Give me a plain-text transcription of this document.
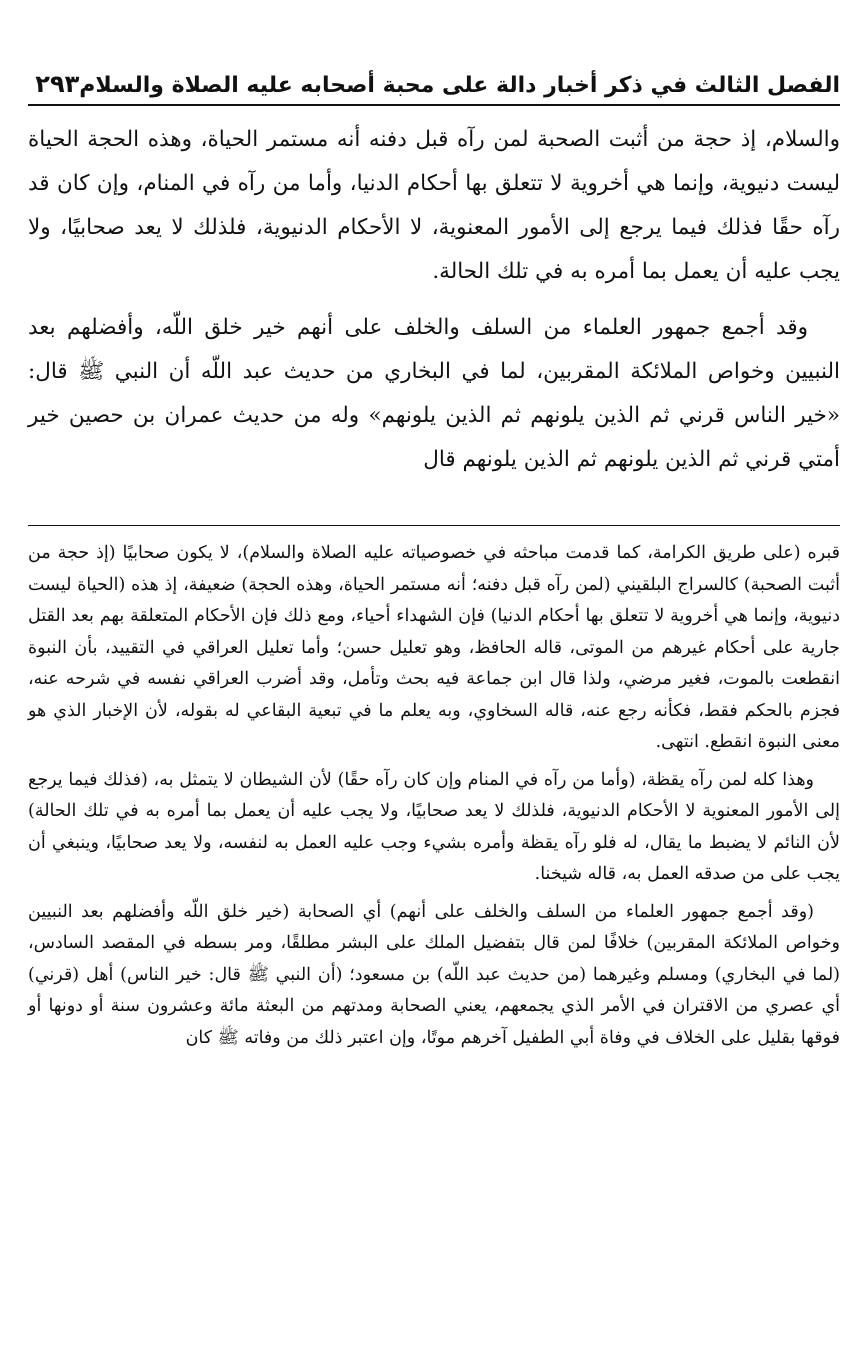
الفصل الثالث في ذكر أخبار دالة على محبة أصحابه عليه الصلاة والسلام
٢٩٣

والسلام، إذ حجة من أثبت الصحبة لمن رآه قبل دفنه أنه مستمر الحياة، وهذه الحجة الحياة ليست دنيوية، وإنما هي أخروية لا تتعلق بها أحكام الدنيا، وأما من رآه في المنام، وإن كان قد رآه حقًا فذلك فيما يرجع إلى الأمور المعنوية، لا الأحكام الدنيوية، فلذلك لا يعد صحابيًا، ولا يجب عليه أن يعمل بما أمره به في تلك الحالة.

وقد أجمع جمهور العلماء من السلف والخلف على أنهم خير خلق اللّه، وأفضلهم بعد النبيين وخواص الملائكة المقربين، لما في البخاري من حديث عبد اللّه أن النبي ﷺ قال: «خير الناس قرني ثم الذين يلونهم ثم الذين يلونهم» وله من حديث عمران بن حصين خير أمتي قرني ثم الذين يلونهم ثم الذين يلونهم قال

قبره (على طريق الكرامة، كما قدمت مباحثه في خصوصياته عليه الصلاة والسلام)، لا يكون صحابيًا (إذ حجة من أثبت الصحبة) كالسراج البلقيني (لمن رآه قبل دفنه؛ أنه مستمر الحياة، وهذه الحجة) ضعيفة، إذ هذه (الحياة ليست دنيوية، وإنما هي أخروية لا تتعلق بها أحكام الدنيا) فإن الشهداء أحياء، ومع ذلك فإن الأحكام المتعلقة بهم بعد القتل جارية على أحكام غيرهم من الموتى، قاله الحافظ، وهو تعليل حسن؛ وأما تعليل العراقي في التقييد، بأن النبوة انقطعت بالموت، فغير مرضي، ولذا قال ابن جماعة فيه بحث وتأمل، وقد أضرب العراقي نفسه في شرحه عنه، فجزم بالحكم فقط، فكأنه رجع عنه، قاله السخاوي، وبه يعلم ما في تبعية البقاعي له بقوله، لأن الإخبار الذي هو معنى النبوة انقطع. انتهى.

وهذا كله لمن رآه يقظة، (وأما من رآه في المنام وإن كان رآه حقًا) لأن الشيطان لا يتمثل به، (فذلك فيما يرجع إلى الأمور المعنوية لا الأحكام الدنيوية، فلذلك لا يعد صحابيًا، ولا يجب عليه أن يعمل بما أمره به في تلك الحالة) لأن النائم لا يضبط ما يقال، له فلو رآه يقظة وأمره بشيء وجب عليه العمل به لنفسه، ولا يعد صحابيًا، وينبغي أن يجب على من صدقه العمل به، قاله شيخنا.

(وقد أجمع جمهور العلماء من السلف والخلف على أنهم) أي الصحابة (خير خلق اللّه وأفضلهم بعد النبيين وخواص الملائكة المقربين) خلافًا لمن قال بتفضيل الملك على البشر مطلقًا، ومر بسطه في المقصد السادس، (لما في البخاري) ومسلم وغيرهما (من حديث عبد اللّه) بن مسعود؛ (أن النبي ﷺ قال: خير الناس) أهل (قرني) أي عصري من الاقتران في الأمر الذي يجمعهم، يعني الصحابة ومدتهم من البعثة مائة وعشرون سنة أو دونها أو فوقها بقليل على الخلاف في وفاة أبي الطفيل آخرهم موتًا، وإن اعتبر ذلك من وفاته ﷺ كان
